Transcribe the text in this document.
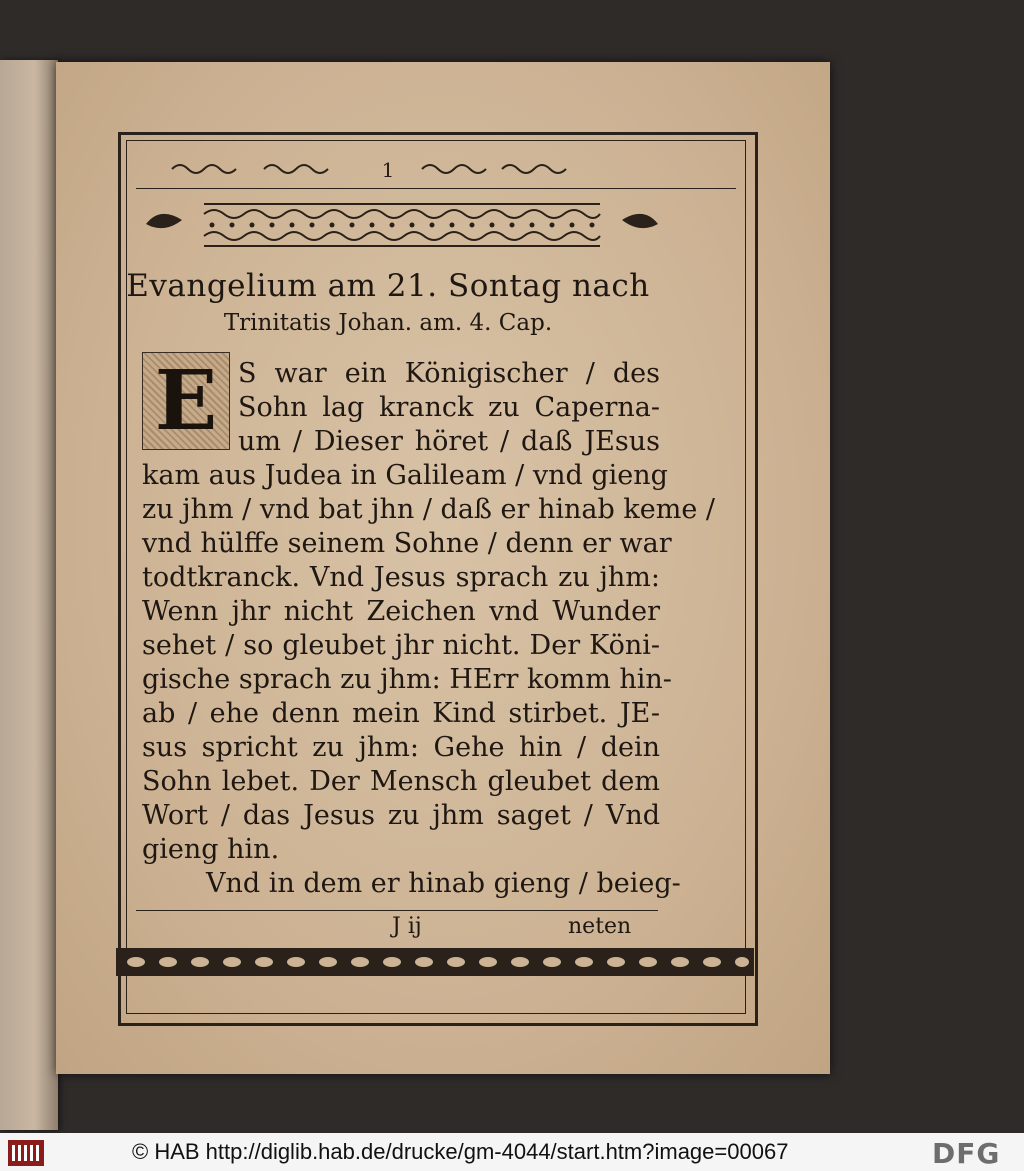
1
Evangelium am 21. Sontag nach
Trinitatis Johan. am. 4. Cap.
E S war ein Königischer / des
Sohn lag kranck zu Caperna-
um / Dieser höret / daß JEsus
kam aus Judea in Galileam / vnd gieng
zu jhm / vnd bat jhn / daß er hinab keme /
vnd hülffe seinem Sohne / denn er war
todtkranck. Vnd Jesus sprach zu jhm:
Wenn jhr nicht Zeichen vnd Wunder
sehet / so gleubet jhr nicht. Der Köni-
gische sprach zu jhm: HErr komm hin-
ab / ehe denn mein Kind stirbet. JE-
sus spricht zu jhm: Gehe hin / dein
Sohn lebet. Der Mensch gleubet dem
Wort / das Jesus zu jhm saget / Vnd
gieng hin.
Vnd in dem er hinab gieng / beieg-
J ij	neten
© HAB http://diglib.hab.de/drucke/gm-4044/start.htm?image=00067	DFG
